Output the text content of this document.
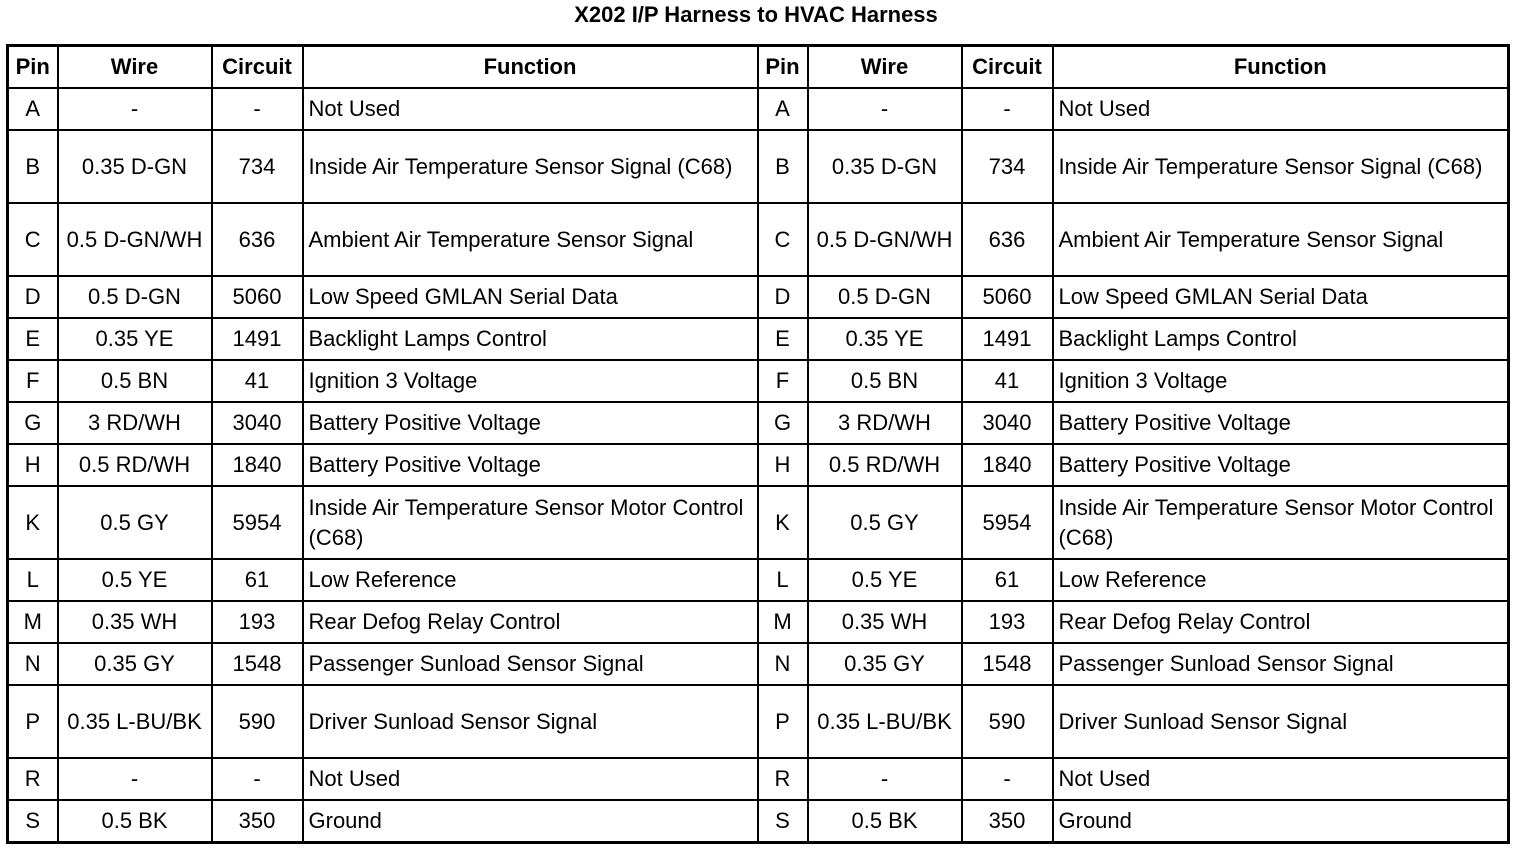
X202 I/P Harness to HVAC Harness
Pin	Wire	Circuit	Function	Pin	Wire	Circuit	Function
A	-	-	Not Used	A	-	-	Not Used
B	0.35 D-GN	734	Inside Air Temperature Sensor Signal (C68)	B	0.35 D-GN	734	Inside Air Temperature Sensor Signal (C68)
C	0.5 D-GN/WH	636	Ambient Air Temperature Sensor Signal	C	0.5 D-GN/WH	636	Ambient Air Temperature Sensor Signal
D	0.5 D-GN	5060	Low Speed GMLAN Serial Data	D	0.5 D-GN	5060	Low Speed GMLAN Serial Data
E	0.35 YE	1491	Backlight Lamps Control	E	0.35 YE	1491	Backlight Lamps Control
F	0.5 BN	41	Ignition 3 Voltage	F	0.5 BN	41	Ignition 3 Voltage
G	3 RD/WH	3040	Battery Positive Voltage	G	3 RD/WH	3040	Battery Positive Voltage
H	0.5 RD/WH	1840	Battery Positive Voltage	H	0.5 RD/WH	1840	Battery Positive Voltage
K	0.5 GY	5954	Inside Air Temperature Sensor Motor Control (C68)	K	0.5 GY	5954	Inside Air Temperature Sensor Motor Control (C68)
L	0.5 YE	61	Low Reference	L	0.5 YE	61	Low Reference
M	0.35 WH	193	Rear Defog Relay Control	M	0.35 WH	193	Rear Defog Relay Control
N	0.35 GY	1548	Passenger Sunload Sensor Signal	N	0.35 GY	1548	Passenger Sunload Sensor Signal
P	0.35 L-BU/BK	590	Driver Sunload Sensor Signal	P	0.35 L-BU/BK	590	Driver Sunload Sensor Signal
R	-	-	Not Used	R	-	-	Not Used
S	0.5 BK	350	Ground	S	0.5 BK	350	Ground
